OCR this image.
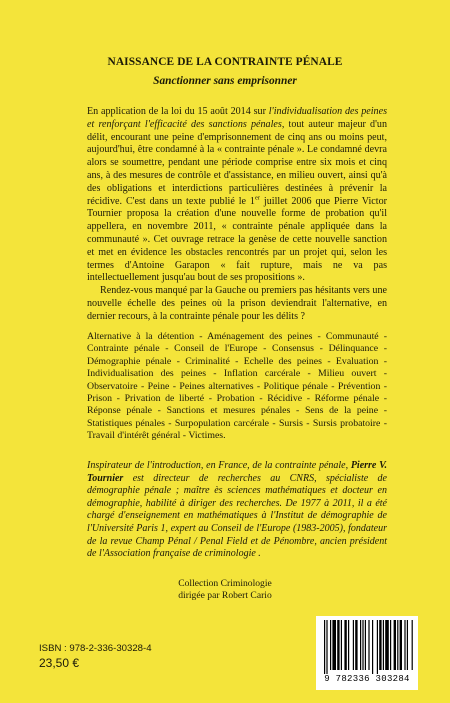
NAISSANCE DE LA CONTRAINTE PÉNALE
Sanctionner sans emprisonner

En application de la loi du 15 août 2014 sur l'individualisation des peines et renforçant l'efficacité des sanctions pénales, tout auteur majeur d'un délit, encourant une peine d'emprisonnement de cinq ans ou moins peut, aujourd'hui, être condamné à la « contrainte pénale ». Le condamné devra alors se soumettre, pendant une période comprise entre six mois et cinq ans, à des mesures de contrôle et d'assistance, en milieu ouvert, ainsi qu'à des obligations et interdictions particulières destinées à prévenir la récidive. C'est dans un texte publié le 1er juillet 2006 que Pierre Victor Tournier proposa la création d'une nouvelle forme de probation qu'il appellera, en novembre 2011, « contrainte pénale appliquée dans la communauté ». Cet ouvrage retrace la genèse de cette nouvelle sanction et met en évidence les obstacles rencontrés par un projet qui, selon les termes d'Antoine Garapon « fait rupture, mais ne va pas intellectuellement jusqu'au bout de ses propositions ».

Rendez-vous manqué par la Gauche ou premiers pas hésitants vers une nouvelle échelle des peines où la prison deviendrait l'alternative, en dernier recours, à la contrainte pénale pour les délits ?

Alternative à la détention - Aménagement des peines - Communauté - Contrainte pénale - Conseil de l'Europe - Consensus - Délinquance - Démographie pénale - Criminalité - Echelle des peines - Evaluation - Individualisation des peines - Inflation carcérale - Milieu ouvert - Observatoire - Peine - Peines alternatives - Politique pénale - Prévention - Prison - Privation de liberté - Probation - Récidive - Réforme pénale - Réponse pénale - Sanctions et mesures pénales - Sens de la peine - Statistiques pénales - Surpopulation carcérale - Sursis - Sursis probatoire - Travail d'intérêt général - Victimes.
Inspirateur de l'introduction, en France, de la contrainte pénale, Pierre V. Tournier est directeur de recherches au CNRS, spécialiste de démographie pénale ; maître ès sciences mathématiques et docteur en démographie, habilité à diriger des recherches. De 1977 à 2011, il a été chargé d'enseignement en mathématiques à l'Institut de démographie de l'Université Paris 1, expert au Conseil de l'Europe (1983-2005), fondateur de la revue Champ Pénal / Penal Field et de Pénombre, ancien président de l'Association française de criminologie .
Collection Criminologie
dirigée par Robert Cario
ISBN : 978-2-336-30328-4
23,50 €
9 782336 303284
